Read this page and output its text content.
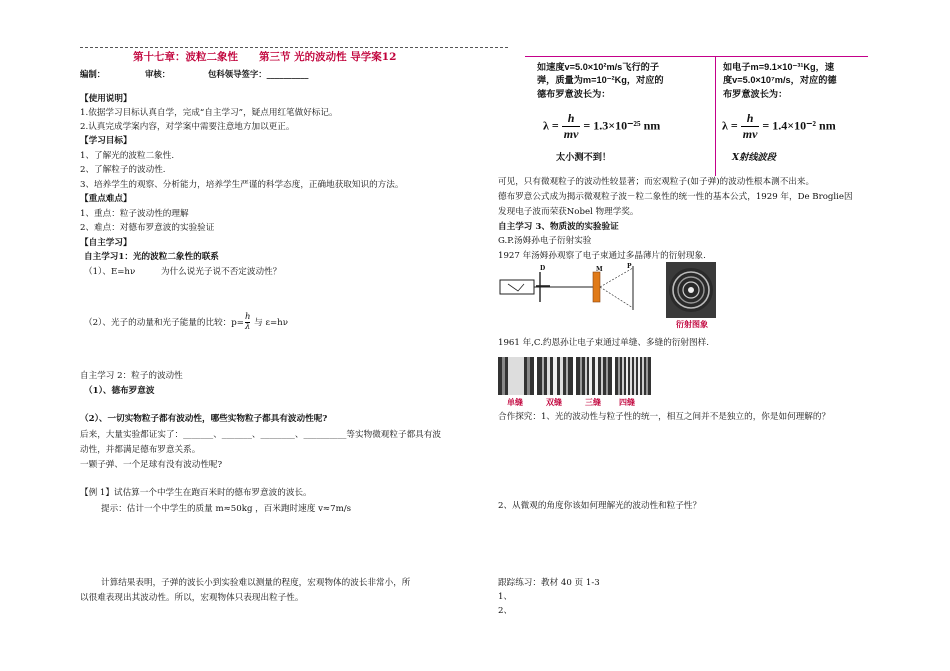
第十七章：波粒二象性　　第三节 光的波动性 导学案12
编制：	审核：	包科领导签字：__________
【使用说明】
1.依据学习目标认真自学，完成“自主学习”，疑点用红笔做好标记。
2.认真完成学案内容，对学案中需要注意地方加以更正。
【学习目标】
1、了解光的波粒二象性.
2、了解粒子的波动性.
3、培养学生的观察、分析能力，培养学生严谨的科学态度，正确地获取知识的方法。
【重点难点】
1、重点：粒子波动性的理解
2、难点：对德布罗意波的实验验证
【自主学习】
自主学习1：光的波粒二象性的联系
（1）、E=hν　　　为什么说光子说不否定波动性？
（2）、光子的动量和光子能量的比较：$p= \frac{h}{\lambda}$ 与 ε=hν
自主学习 2：粒子的波动性
（1）、德布罗意波
（2）、一切实物粒子都有波动性，哪些实物粒子都具有波动性呢?
后来，大量实验都证实了：_______、_______、________、__________等实物微观粒子都具有波
动性，并都满足德布罗意关系。
一颗子弹、一个足球有没有波动性呢?
【例 1】试估算一个中学生在跑百米时的德布罗意波的波长。
提示：估计一个中学生的质量 m≈50kg ，百米跑时速度 v≈7m/s
计算结果表明，子弹的波长小到实验难以测量的程度，宏观物体的波长非常小，所
以很难表现出其波动性。所以，宏观物体只表现出粒子性。
如速度v=5.0×10²m/s飞行的子
弹，质量为m=10⁻²Kg，对应的
德布罗意波长为：
$\lambda = \frac{h}{mv} = 1.3\times 10^{-25}$ nm
太小测不到！
如电子m=9.1×10⁻³¹Kg，速
度v=5.0×10⁷m/s，对应的德
布罗意波长为：
$\lambda = \frac{h}{mv} = 1.4\times 10^{-2}$ nm
X射线波段
可见，只有微观粒子的波动性较显著；而宏观粒子(如子弹)的波动性根本测不出来。
德布罗意公式成为揭示微观粒子波－粒二象性的统一性的基本公式，1929 年，De Broglie因
发现电子波而荣获Nobel 物理学奖。
自主学习 3、物质波的实验验证
G.P.汤姆孙电子衍射实验
1927 年汤姆孙观察了电子束通过多晶薄片的衍射现象.
D	M	P
衍射图象
1961 年,C.约恩孙让电子束通过单缝、多缝的衍射图样.
单缝	双缝	三缝 四缝
合作探究：1、光的波动性与粒子性的统一，相互之间并不是独立的，你是如何理解的？
2、从微观的角度你该如何理解光的波动性和粒子性？
跟踪练习：教材 40 页 1-3
1、
2、
